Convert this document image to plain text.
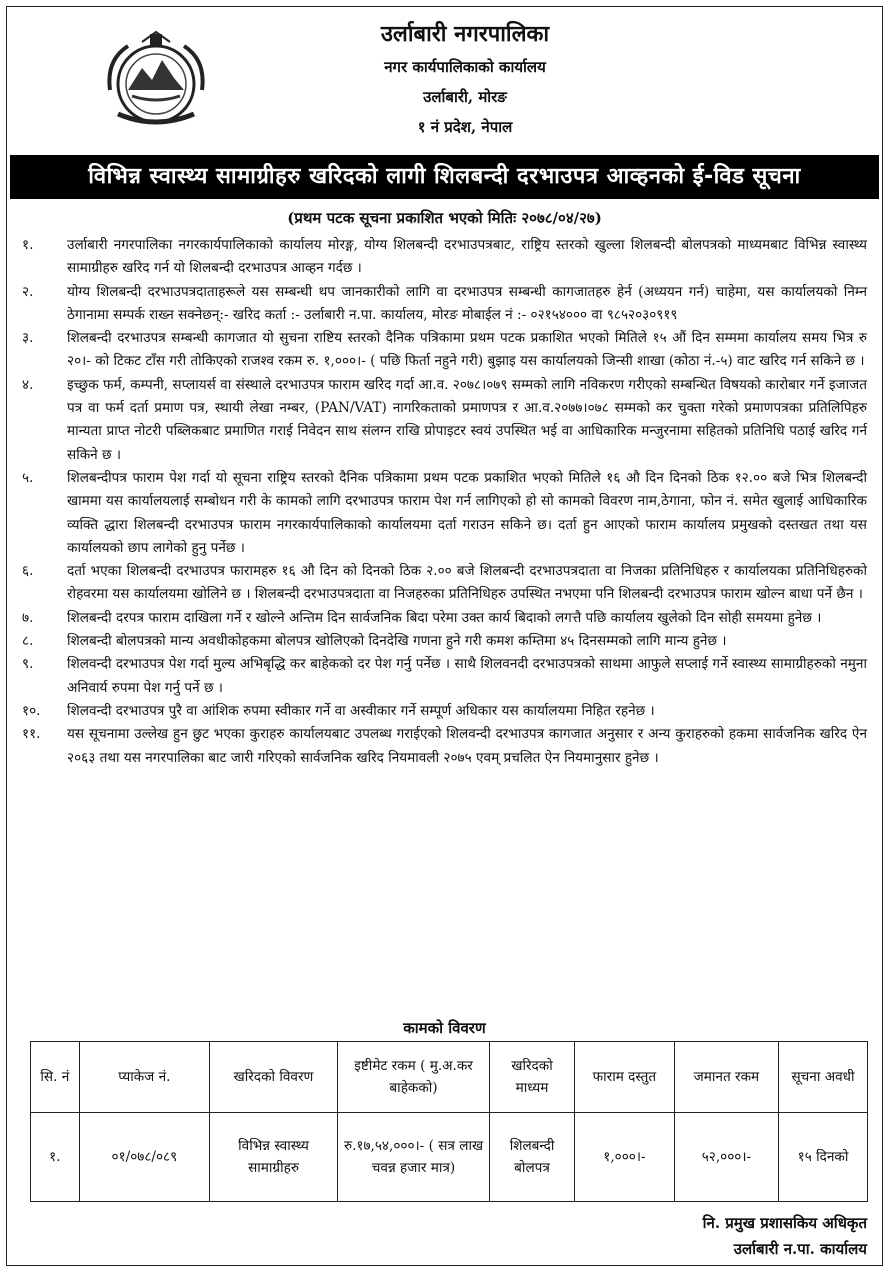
उर्लाबारी नगरपालिका
नगर कार्यपालिकाको कार्यालय
उर्लाबारी, मोरङ
१ नं प्रदेश, नेपाल
विभिन्न स्वास्थ्य सामाग्रीहरु खरिदको लागी शिलबन्दी दरभाउपत्र आव्हनको ई-विड सूचना
(प्रथम पटक सूचना प्रकाशित भएको मितिः २०७८/०४/२७)
१.	उर्लाबारी नगरपालिका नगरकार्यपालिकाको कार्यालय मोरङ्ग, योग्य शिलबन्दी दरभाउपत्रबाट, राष्ट्रिय स्तरको खुल्ला शिलबन्दी बोलपत्रको माध्यमबाट विभिन्न स्वास्थ्य सामाग्रीहरु खरिद गर्न यो शिलबन्दी दरभाउपत्र आव्हन गर्दछ ।
२.	योग्य शिलबन्दी दरभाउपत्रदाताहरूले यस सम्बन्धी थप जानकारीको लागि वा दरभाउपत्र सम्बन्धी कागजातहरु हेर्न (अध्ययन गर्न) चाहेमा, यस कार्यालयको निम्न ठेगानामा सम्पर्क राख्न सक्नेछन्:- खरिद कर्ता :- उर्लाबारी न.पा. कार्यालय, मोरङ मोबाईल नं :- ०२१५४००० वा ९८५२०३०९१९
३.	शिलबन्दी दरभाउपत्र सम्बन्धी कागजात यो सुचना राष्टिय स्तरको दैनिक पत्रिकामा प्रथम पटक प्रकाशित भएको मितिले १५ औं दिन सम्ममा कार्यालय समय भित्र रु २०।- को टिकट टाँस गरी तोकिएको राजश्व रकम रु. १,०००।- ( पछि फिर्ता नहुने गरी) बुझाइ यस कार्यालयको जिन्सी शाखा (कोठा नं.-५) वाट खरिद गर्न सकिने छ ।
४.	इच्छुक फर्म, कम्पनी, सप्लायर्स वा संस्थाले दरभाउपत्र फाराम खरिद गर्दा आ.व. २०७८।०७९ सम्मको लागि नविकरण गरीएको सम्बन्धित विषयको कारोबार गर्ने इजाजत पत्र वा फर्म दर्ता प्रमाण पत्र, स्थायी लेखा नम्बर, (PAN/VAT) नागरिकताको प्रमाणपत्र र आ.व.२०७७।०७८ सम्मको कर चुक्ता गरेको प्रमाणपत्रका प्रतिलिपिहरु मान्यता प्राप्त नोटरी पब्लिकबाट प्रमाणित गराई निवेदन साथ संलग्न राखि प्रोपाइटर स्वयं उपस्थित भई वा आधिकारिक मन्जुरनामा सहितको प्रतिनिधि पठाई खरिद गर्न सकिने छ ।
५.	शिलबन्दीपत्र फाराम पेश गर्दा यो सूचना राष्ट्रिय स्तरको दैनिक पत्रिकामा प्रथम पटक प्रकाशित भएको मितिले १६ औ दिन दिनको ठिक १२.०० बजे भित्र शिलबन्दी खाममा यस कार्यालयलाई सम्बोधन गरी के कामको लागि दरभाउपत्र फाराम पेश गर्न लागिएको हो सो कामको विवरण नाम,ठेगाना, फोन नं. समेत खुलाई आधिकारिक व्यक्ति द्धारा शिलबन्दी दरभाउपत्र फाराम नगरकार्यपालिकाको कार्यालयमा दर्ता गराउन सकिने छ। दर्ता हुन आएको फाराम कार्यालय प्रमुखको दस्तखत तथा यस कार्यालयको छाप लागेको हुनु पर्नेछ ।
६.	दर्ता भएका शिलबन्दी दरभाउपत्र फारामहरु १६ औ दिन को दिनको ठिक २.०० बजे शिलबन्दी दरभाउपत्रदाता वा निजका प्रतिनिधिहरु र कार्यालयका प्रतिनिधिहरुको रोहवरमा यस कार्यालयमा खोलिने छ । शिलबन्दी दरभाउपत्रदाता वा निजहरुका प्रतिनिधिहरु उपस्थित नभएमा पनि शिलबन्दी दरभाउपत्र फाराम खोल्न बाधा पर्ने छैन ।
७.	शिलबन्दी दरपत्र फाराम दाखिला गर्ने र खोल्ने अन्तिम दिन सार्वजनिक बिदा परेमा उक्त कार्य बिदाको लगत्तै पछि कार्यालय खुलेको दिन सोही समयमा हुनेछ ।
८.	शिलबन्दी बोलपत्रको मान्य अवधीकोहकमा बोलपत्र खोलिएको दिनदेखि गणना हुने गरी कमश कम्तिमा ४५ दिनसम्मको लागि मान्य हुनेछ ।
९.	शिलवन्दी दरभाउपत्र पेश गर्दा मुल्य अभिबृद्धि कर बाहेकको दर पेश गर्नु पर्नेछ । साथै शिलवनदी दरभाउपत्रको साथमा आफुले सप्लाई गर्ने स्वास्थ्य सामाग्रीहरुको नमुना अनिवार्य रुपमा पेश गर्नु पर्ने छ ।
१०.	शिलवन्दी दरभाउपत्र पुरै वा आंशिक रुपमा स्वीकार गर्ने वा अस्वीकार गर्ने सम्पूर्ण अधिकार यस कार्यालयमा निहित रहनेछ ।
११.	यस सूचनामा उल्लेख हुन छुट भएका कुराहरु कार्यालयबाट उपलब्ध गराईएको शिलवन्दी दरभाउपत्र कागजात अनुसार र अन्य कुराहरुको हकमा सार्वजनिक खरिद ऐन २०६३ तथा यस नगरपालिका बाट जारी गरिएको सार्वजनिक खरिद नियमावली २०७५ एवम् प्रचलित ऐन नियमानुसार हुनेछ ।
कामको विवरण
सि. नं	प्याकेज नं.	खरिदको विवरण	इष्टीमेट रकम ( मु.अ.कर बाहेकको)	खरिदको माध्यम	फाराम दस्तुत	जमानत रकम	सूचना अवधी
१.	०१/०७८/०८९	विभिन्न स्वास्थ्य सामाग्रीहरु	रु.१७,५४,०००।- ( सत्र लाख चवन्न हजार मात्र)	शिलबन्दी बोलपत्र	१,०००।-	५२,०००।-	१५ दिनको
नि. प्रमुख प्रशासकिय अधिकृत
उर्लाबारी न.पा. कार्यालय
